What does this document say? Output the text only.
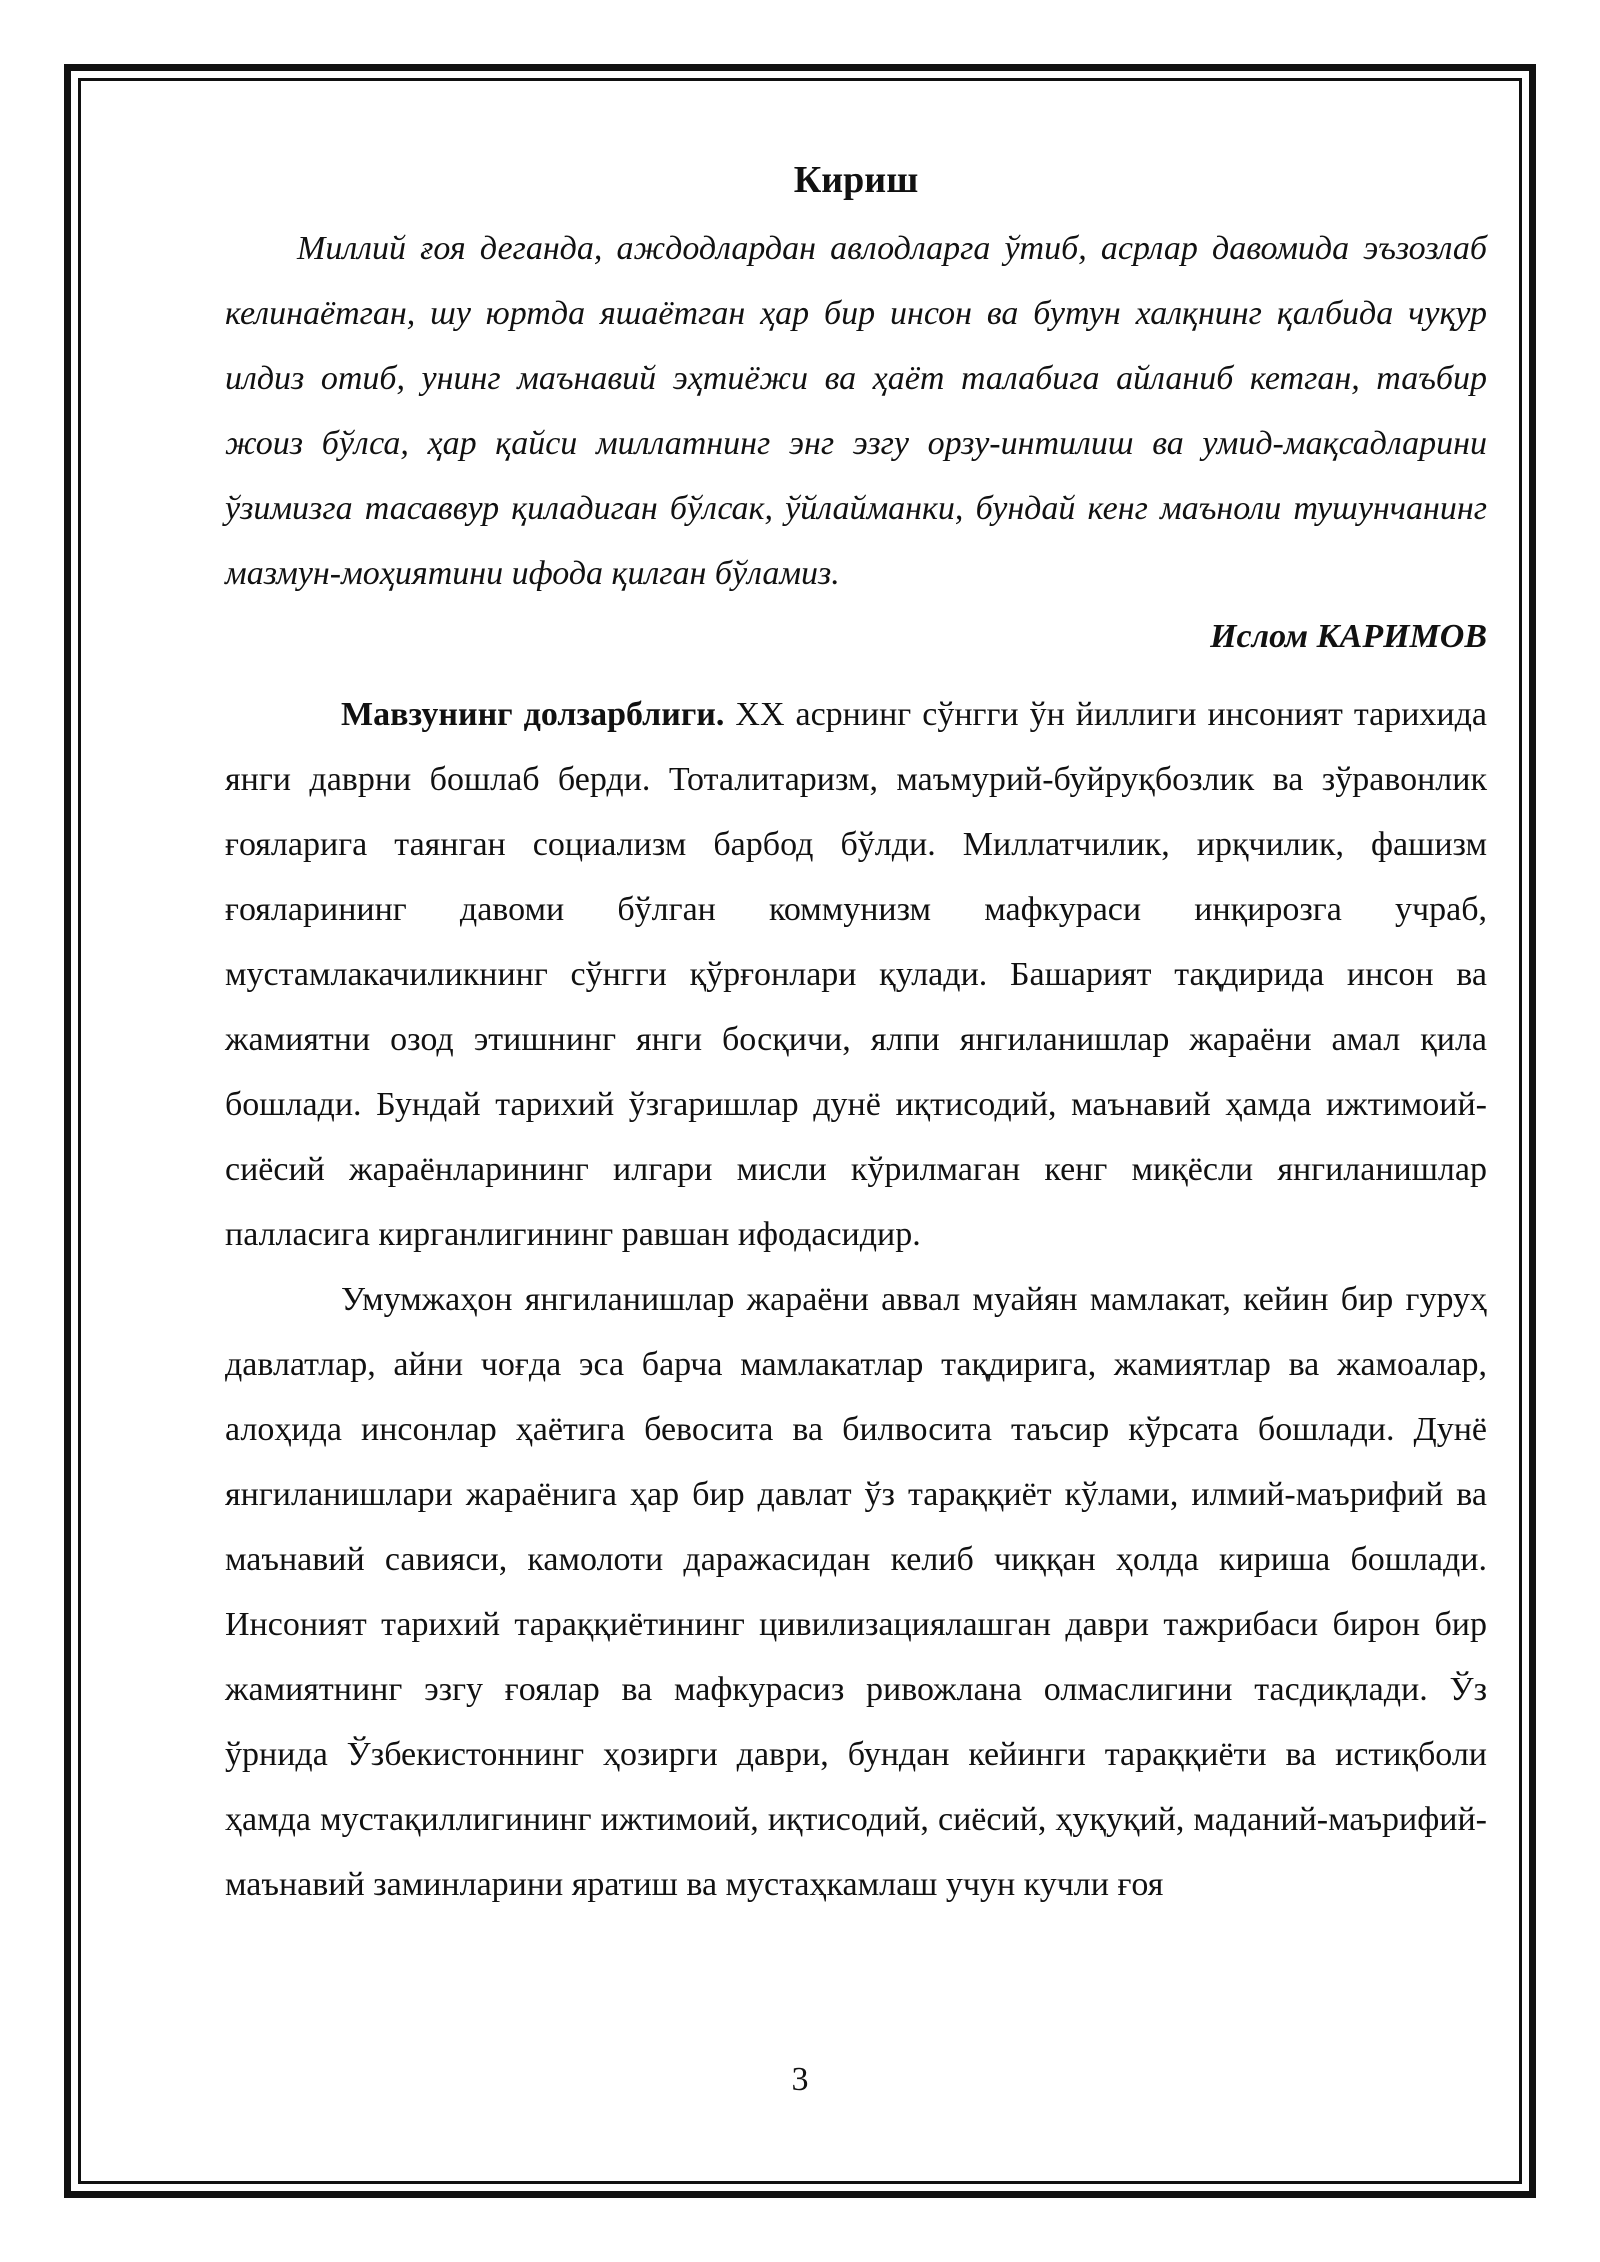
Кириш

Миллий ғоя деганда, аждодлардан авлодларга ўтиб, асрлар давомида эъзозлаб келинаётган, шу юртда яшаётган ҳар бир инсон ва бутун халқнинг қалбида чуқур илдиз отиб, унинг маънавий эҳтиёжи ва ҳаёт талабига айланиб кетган, таъбир жоиз бўлса, ҳар қайси миллатнинг энг эзгу орзу-интилиш ва умид-мақсадларини ўзимизга тасаввур қиладиган бўлсак, ўйлайманки, бундай кенг маъноли тушунчанинг мазмун-моҳиятини ифода қилган бўламиз.

Ислом КАРИМОВ

Мавзунинг долзарблиги. XX асрнинг сўнгги ўн йиллиги инсоният тарихида янги даврни бошлаб берди. Тоталитаризм, маъмурий-буйруқбозлик ва зўравонлик ғояларига таянган социализм барбод бўлди. Миллатчилик, ирқчилик, фашизм ғояларининг давоми бўлган коммунизм мафкураси инқирозга учраб, мустамлакачиликнинг сўнгги қўрғонлари қулади. Башарият тақдирида инсон ва жамиятни озод этишнинг янги босқичи, ялпи янгиланишлар жараёни амал қила бошлади. Бундай тарихий ўзгаришлар дунё иқтисодий, маънавий ҳамда ижтимоий-сиёсий жараёнларининг илгари мисли кўрилмаган кенг миқёсли янгиланишлар палласига кирганлигининг равшан ифодасидир.

Умумжаҳон янгиланишлар жараёни аввал муайян мамлакат, кейин бир гуруҳ давлатлар, айни чоғда эса барча мамлакатлар тақдирига, жамиятлар ва жамоалар, алоҳида инсонлар ҳаётига бевосита ва билвосита таъсир кўрсата бошлади. Дунё янгиланишлари жараёнига ҳар бир давлат ўз тараққиёт кўлами, илмий-маърифий ва маънавий савияси, камолоти даражасидан келиб чиққан ҳолда кириша бошлади. Инсоният тарихий тараққиётининг цивилизациялашган даври тажрибаси бирон бир жамиятнинг эзгу ғоялар ва мафкурасиз ривожлана олмаслигини тасдиқлади. Ўз ўрнида Ўзбекистоннинг ҳозирги даври, бундан кейинги тараққиёти ва истиқболи ҳамда мустақиллигининг ижтимоий, иқтисодий, сиёсий, ҳуқуқий, маданий-маърифий-маънавий заминларини яратиш ва мустаҳкамлаш учун кучли ғоя

3
